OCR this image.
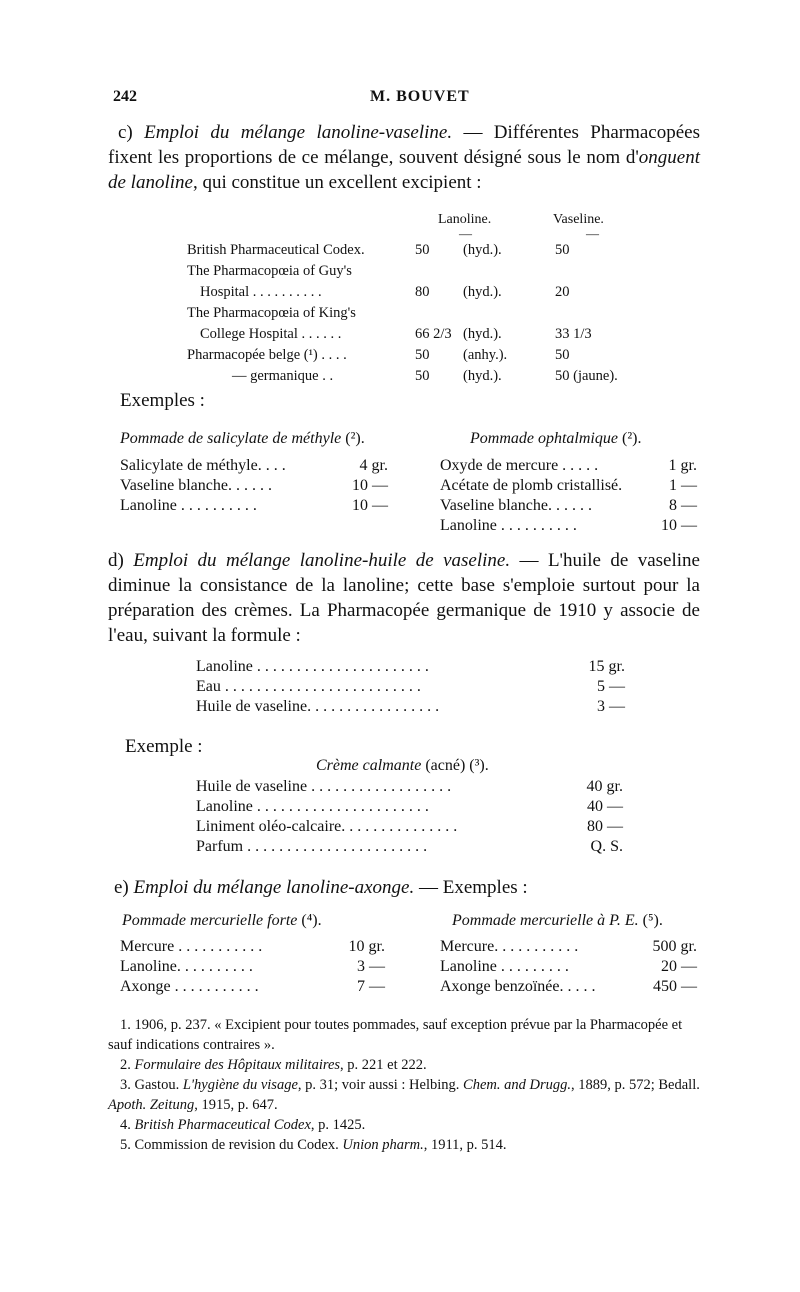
242	M. BOUVET
c) Emploi du mélange lanoline-vaseline. — Différentes Pharmacopées fixent les proportions de ce mélange, souvent désigné sous le nom d'onguent de lanoline, qui constitue un excellent excipient :
Lanoline.	Vaseline.
—	—
British Pharmaceutical Codex.	50 (hyd.).	50
The Pharmacopœia of Guy's
Hospital . . . . . . . . . .	80 (hyd.).	20
The Pharmacopœia of King's
College Hospital . . . . . .	66 2/3 (hyd.).	33 1/3
Pharmacopée belge (¹) . . . .	50 (anhy.).	50
— germanique . .	50 (hyd.).	50 (jaune).
Exemples :
Pommade de salicylate de méthyle (²).	Pommade ophtalmique (²).
Salicylate de méthyle. . . .	4 gr.
Vaseline blanche. . . . . .	10 —
Lanoline . . . . . . . . . .	10 —
Oxyde de mercure . . . . .	1 gr.
Acétate de plomb cristallisé.	1 —
Vaseline blanche. . . . . .	8 —
Lanoline . . . . . . . . . .	10 —
d) Emploi du mélange lanoline-huile de vaseline. — L'huile de vaseline diminue la consistance de la lanoline; cette base s'emploie surtout pour la préparation des crèmes. La Pharmacopée germanique de 1910 y associe de l'eau, suivant la formule :
Lanoline . . . . . . . . . . . . . . . . . . . . . .	15 gr.
Eau . . . . . . . . . . . . . . . . . . . . . . . . .	5 —
Huile de vaseline. . . . . . . . . . . . . . . . .	3 —
Exemple :
Crème calmante (acné) (³).
Huile de vaseline . . . . . . . . . . . . . . . . . .	40 gr.
Lanoline . . . . . . . . . . . . . . . . . . . . . .	40 —
Liniment oléo-calcaire. . . . . . . . . . . . . . .	80 —
Parfum . . . . . . . . . . . . . . . . . . . . . . .	Q. S.
e) Emploi du mélange lanoline-axonge. — Exemples :
Pommade mercurielle forte (⁴).	Pommade mercurielle à P. E. (⁵).
Mercure . . . . . . . . . . .	10 gr.
Lanoline. . . . . . . . . .	3 —
Axonge . . . . . . . . . . .	7 —
Mercure. . . . . . . . . . .	500 gr.
Lanoline . . . . . . . . .	20 —
Axonge benzoïnée. . . . .	450 —
1. 1906, p. 237. « Excipient pour toutes pommades, sauf exception prévue par la Pharmacopée et sauf indications contraires ».
2. Formulaire des Hôpitaux militaires, p. 221 et 222.
3. Gastou. L'hygiène du visage, p. 31; voir aussi : Helbing. Chem. and Drugg., 1889, p. 572; Bedall. Apoth. Zeitung, 1915, p. 647.
4. British Pharmaceutical Codex, p. 1425.
5. Commission de revision du Codex. Union pharm., 1911, p. 514.
